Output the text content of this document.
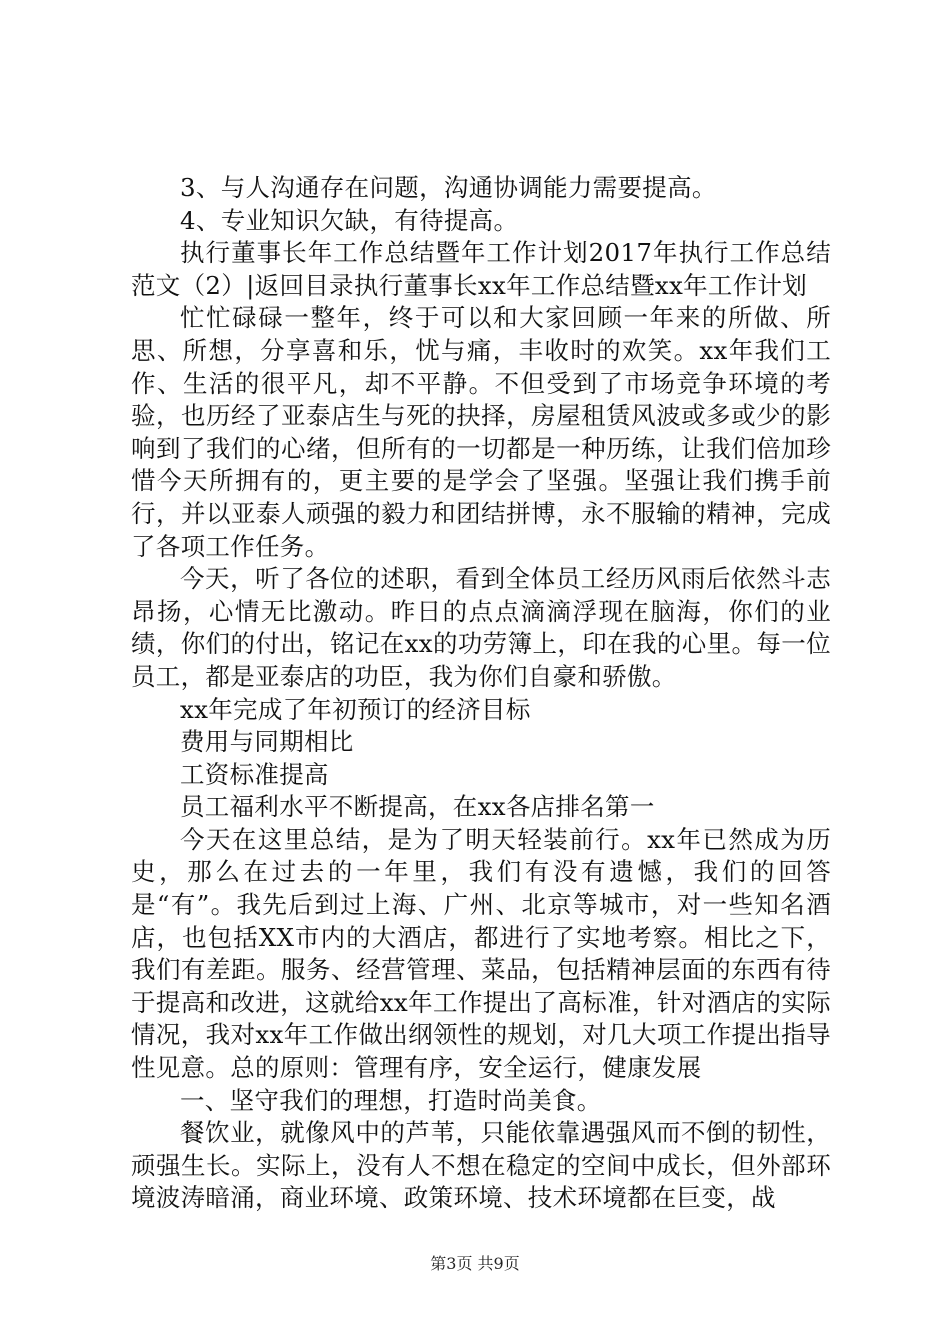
3、与人沟通存在问题，沟通协调能力需要提高。

4、专业知识欠缺，有待提高。

执行董事长年工作总结暨年工作计划2017年执行工作总结范文（2）|返回目录执行董事长xx年工作总结暨xx年工作计划

忙忙碌碌一整年，终于可以和大家回顾一年来的所做、所思、所想，分享喜和乐，忧与痛，丰收时的欢笑。xx年我们工作、生活的很平凡，却不平静。不但受到了市场竞争环境的考验，也历经了亚泰店生与死的抉择，房屋租赁风波或多或少的影响到了我们的心绪，但所有的一切都是一种历练，让我们倍加珍惜今天所拥有的，更主要的是学会了坚强。坚强让我们携手前行，并以亚泰人顽强的毅力和团结拼博，永不服输的精神，完成了各项工作任务。

今天，听了各位的述职，看到全体员工经历风雨后依然斗志昂扬，心情无比激动。昨日的点点滴滴浮现在脑海，你们的业绩，你们的付出，铭记在xx的功劳簿上，印在我的心里。每一位员工，都是亚泰店的功臣，我为你们自豪和骄傲。

xx年完成了年初预订的经济目标

费用与同期相比

工资标准提高

员工福利水平不断提高，在xx各店排名第一

今天在这里总结，是为了明天轻装前行。xx年已然成为历史，那么在过去的一年里，我们有没有遗憾，我们的回答是“有”。我先后到过上海、广州、北京等城市，对一些知名酒店，也包括XX市内的大酒店，都进行了实地考察。相比之下，我们有差距。服务、经营管理、菜品，包括精神层面的东西有待于提高和改进，这就给xx年工作提出了高标准，针对酒店的实际情况，我对xx年工作做出纲领性的规划，对几大项工作提出指导性见意。总的原则：管理有序，安全运行，健康发展

一、坚守我们的理想，打造时尚美食。

餐饮业，就像风中的芦苇，只能依靠遇强风而不倒的韧性，顽强生长。实际上，没有人不想在稳定的空间中成长，但外部环境波涛暗涌，商业环境、政策环境、技术环境都在巨变，战

第3页 共9页
